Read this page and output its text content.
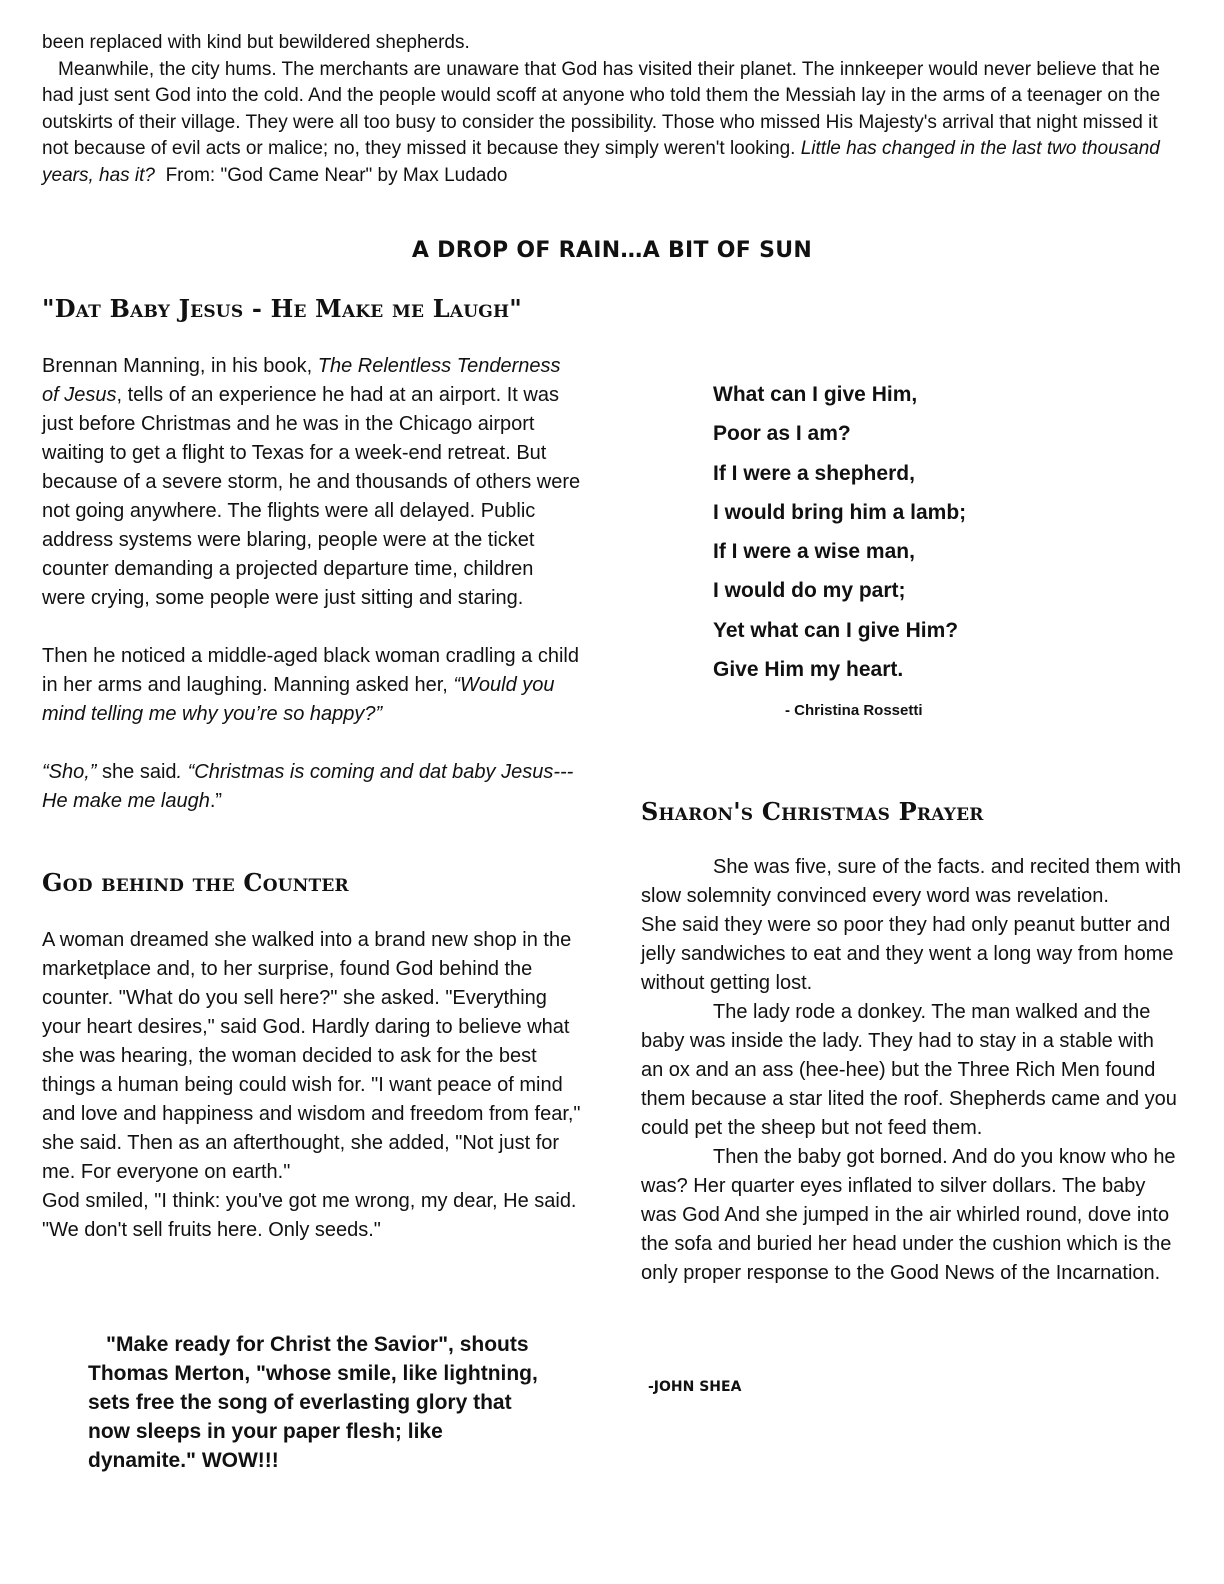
been replaced with kind but bewildered shepherds.

Meanwhile, the city hums. The merchants are unaware that God has visited their planet. The innkeeper would never believe that he had just sent God into the cold. And the people would scoff at anyone who told them the Messiah lay in the arms of a teenager on the outskirts of their village. They were all too busy to consider the possibility. Those who missed His Majesty's arrival that night missed it not because of evil acts or malice; no, they missed it because they simply weren't looking. Little has changed in the last two thousand years, has it? From: "God Came Near" by Max Ludado

A DROP OF RAIN…A BIT OF SUN
"Dat Baby Jesus - He Make me Laugh"

Brennan Manning, in his book, The Relentless Tenderness of Jesus, tells of an experience he had at an airport. It was just before Christmas and he was in the Chicago airport waiting to get a flight to Texas for a week-end retreat. But because of a severe storm, he and thousands of others were not going anywhere. The flights were all delayed. Public address systems were blaring, people were at the ticket counter demanding a projected departure time, children were crying, some people were just sitting and staring.

Then he noticed a middle-aged black woman cradling a child in her arms and laughing. Manning asked her, “Would you mind telling me why you’re so happy?”

“Sho,” she said. “Christmas is coming and dat baby Jesus---He make me laugh.”

God behind the Counter

A woman dreamed she walked into a brand new shop in the marketplace and, to her surprise, found God behind the counter. "What do you sell here?" she asked. "Everything your heart desires," said God. Hardly daring to believe what she was hearing, the woman decided to ask for the best things a human being could wish for. "I want peace of mind and love and happiness and wisdom and freedom from fear," she said. Then as an afterthought, she added, "Not just for me. For everyone on earth."

God smiled, "I think: you've got me wrong, my dear, He said. "We don't sell fruits here. Only seeds."

"Make ready for Christ the Savior", shouts Thomas Merton, "whose smile, like lightning, sets free the song of everlasting glory that now sleeps in your paper flesh; like dynamite." WOW!!!

What can I give Him,
Poor as I am?
If I were a shepherd,
I would bring him a lamb;
If I were a wise man,
I would do my part;
Yet what can I give Him?
Give Him my heart.
- Christina Rossetti
Sharon's Christmas Prayer

She was five, sure of the facts. and recited them with slow solemnity convinced every word was revelation.

She said they were so poor they had only peanut butter and jelly sandwiches to eat and they went a long way from home without getting lost.

The lady rode a donkey. The man walked and the baby was inside the lady. They had to stay in a stable with an ox and an ass (hee-hee) but the Three Rich Men found them because a star lited the roof. Shepherds came and you could pet the sheep but not feed them.

Then the baby got borned. And do you know who he was? Her quarter eyes inflated to silver dollars. The baby was God And she jumped in the air whirled round, dove into the sofa and buried her head under the cushion which is the only proper response to the Good News of the Incarnation.

-JOHN SHEA
